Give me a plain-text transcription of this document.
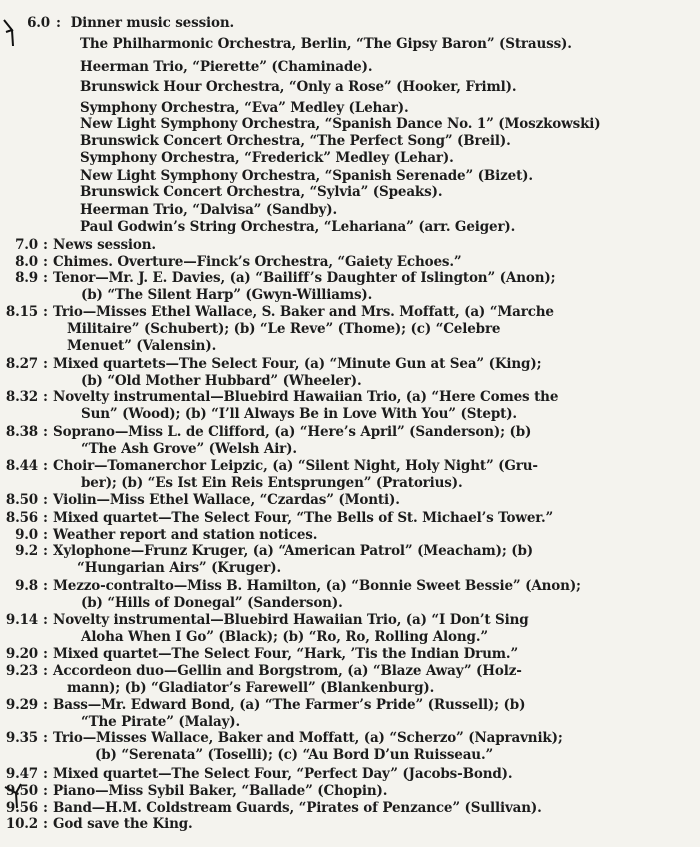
6.0 : Dinner music session.
The Philharmonic Orchestra, Berlin, “The Gipsy Baron” (Strauss).
Heerman Trio, “Pierette” (Chaminade).
Brunswick Hour Orchestra, “Only a Rose” (Hooker, Friml).
Symphony Orchestra, “Eva” Medley (Lehar).
New Light Symphony Orchestra, “Spanish Dance No. 1” (Moszkowski)
Brunswick Concert Orchestra, “The Perfect Song” (Breil).
Symphony Orchestra, “Frederick” Medley (Lehar).
New Light Symphony Orchestra, “Spanish Serenade” (Bizet).
Brunswick Concert Orchestra, “Sylvia” (Speaks).
Heerman Trio, “Dalvisa” (Sandby).
Paul Godwin’s String Orchestra, “Lehariana” (arr. Geiger).
7.0 : News session.
8.0 : Chimes. Overture—Finck’s Orchestra, “Gaiety Echoes.”
8.9 : Tenor—Mr. J. E. Davies, (a) “Bailiff’s Daughter of Islington” (Anon);
(b) “The Silent Harp” (Gwyn-Williams).
8.15 : Trio—Misses Ethel Wallace, S. Baker and Mrs. Moffatt, (a) “Marche
Militaire” (Schubert); (b) “Le Reve” (Thome); (c) “Celebre
Menuet” (Valensin).
8.27 : Mixed quartets—The Select Four, (a) “Minute Gun at Sea” (King);
(b) “Old Mother Hubbard” (Wheeler).
8.32 : Novelty instrumental—Bluebird Hawaiian Trio, (a) “Here Comes the
Sun” (Wood); (b) “I’ll Always Be in Love With You” (Stept).
8.38 : Soprano—Miss L. de Clifford, (a) “Here’s April” (Sanderson); (b)
“The Ash Grove” (Welsh Air).
8.44 : Choir—Tomanerchor Leipzic, (a) “Silent Night, Holy Night” (Gru-
ber); (b) “Es Ist Ein Reis Entsprungen” (Pratorius).
8.50 : Violin—Miss Ethel Wallace, “Czardas” (Monti).
8.56 : Mixed quartet—The Select Four, “The Bells of St. Michael’s Tower.”
9.0 : Weather report and station notices.
9.2 : Xylophone—Frunz Kruger, (a) “American Patrol” (Meacham); (b)
“Hungarian Airs” (Kruger).
9.8 : Mezzo-contralto—Miss B. Hamilton, (a) “Bonnie Sweet Bessie” (Anon);
(b) “Hills of Donegal” (Sanderson).
9.14 : Novelty instrumental—Bluebird Hawaiian Trio, (a) “I Don’t Sing
Aloha When I Go” (Black); (b) “Ro, Ro, Rolling Along.”
9.20 : Mixed quartet—The Select Four, “Hark, ’Tis the Indian Drum.”
9.23 : Accordeon duo—Gellin and Borgstrom, (a) “Blaze Away” (Holz-
mann); (b) “Gladiator’s Farewell” (Blankenburg).
9.29 : Bass—Mr. Edward Bond, (a) “The Farmer’s Pride” (Russell); (b)
“The Pirate” (Malay).
9.35 : Trio—Misses Wallace, Baker and Moffatt, (a) “Scherzo” (Napravnik);
(b) “Serenata” (Toselli); (c) “Au Bord D’un Ruisseau.”
9.47 : Mixed quartet—The Select Four, “Perfect Day” (Jacobs-Bond).
9.50 : Piano—Miss Sybil Baker, “Ballade” (Chopin).
9.56 : Band—H.M. Coldstream Guards, “Pirates of Penzance” (Sullivan).
10.2 : God save the King.
